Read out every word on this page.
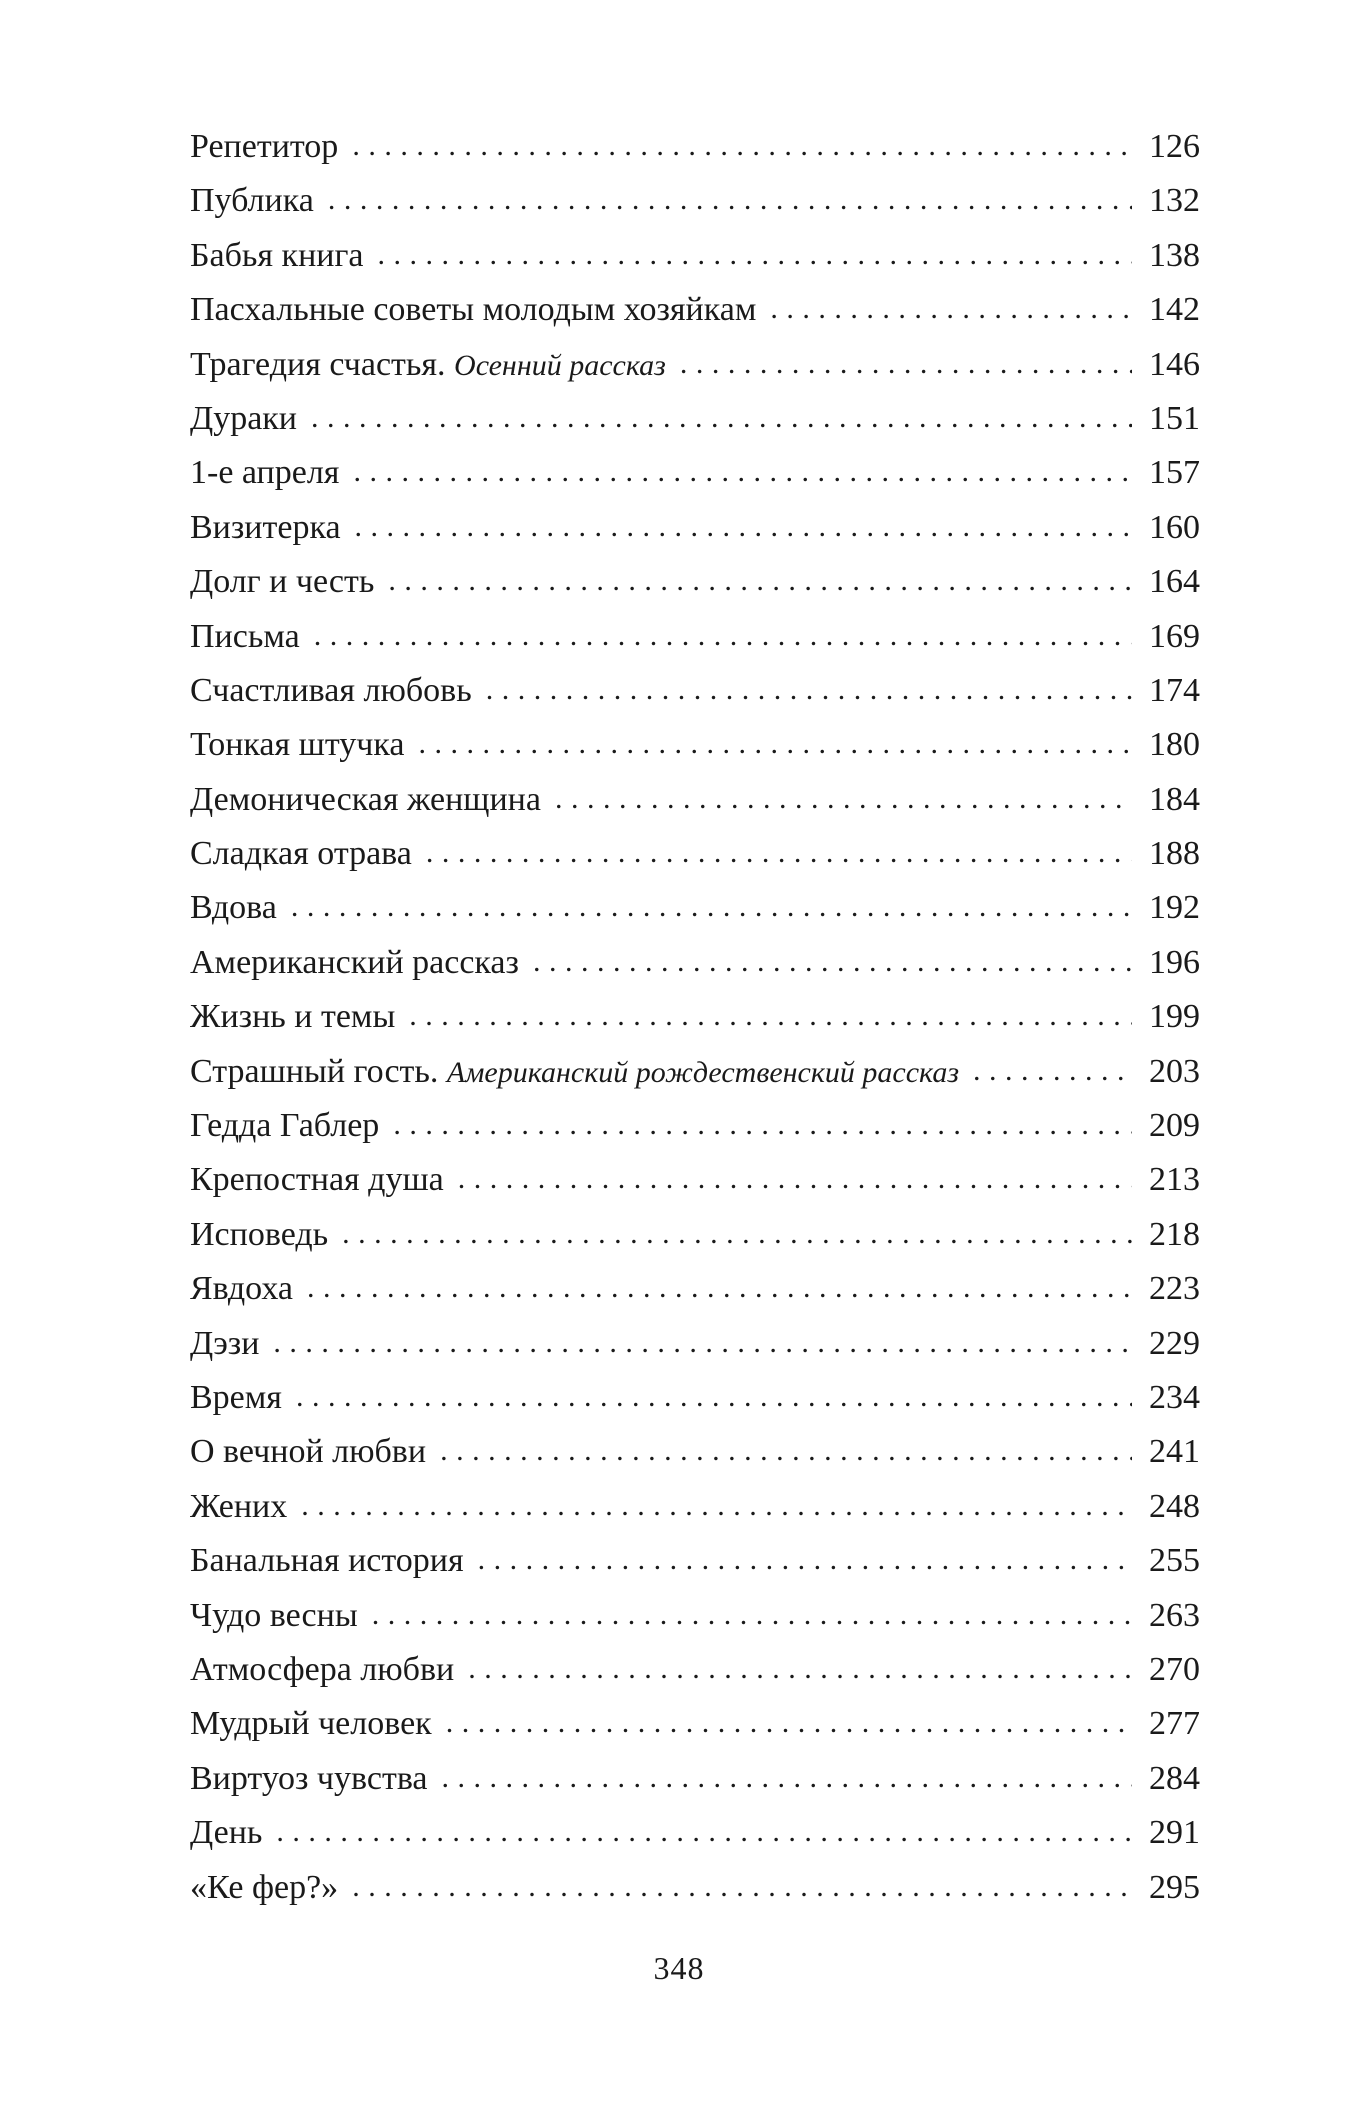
Репетитор . . .	126
Публика . . .	132
Бабья книга . . .	138
Пасхальные советы молодым хозяйкам . . .	142
Трагедия счастья. Осенний рассказ . . .	146
Дураки . . .	151
1-е апреля . . .	157
Визитерка . . .	160
Долг и честь . . .	164
Письма . . .	169
Счастливая любовь . . .	174
Тонкая штучка . . .	180
Демоническая женщина . . .	184
Сладкая отрава . . .	188
Вдова . . .	192
Американский рассказ . . .	196
Жизнь и темы . . .	199
Страшный гость. Американский рождественский рассказ . . .	203
Гедда Габлер . . .	209
Крепостная душа . . .	213
Исповедь . . .	218
Явдоха . . .	223
Дэзи . . .	229
Время . . .	234
О вечной любви . . .	241
Жених . . .	248
Банальная история . . .	255
Чудо весны . . .	263
Атмосфера любви . . .	270
Мудрый человек . . .	277
Виртуоз чувства . . .	284
День . . .	291
«Ке фер?» . . .	295
348
